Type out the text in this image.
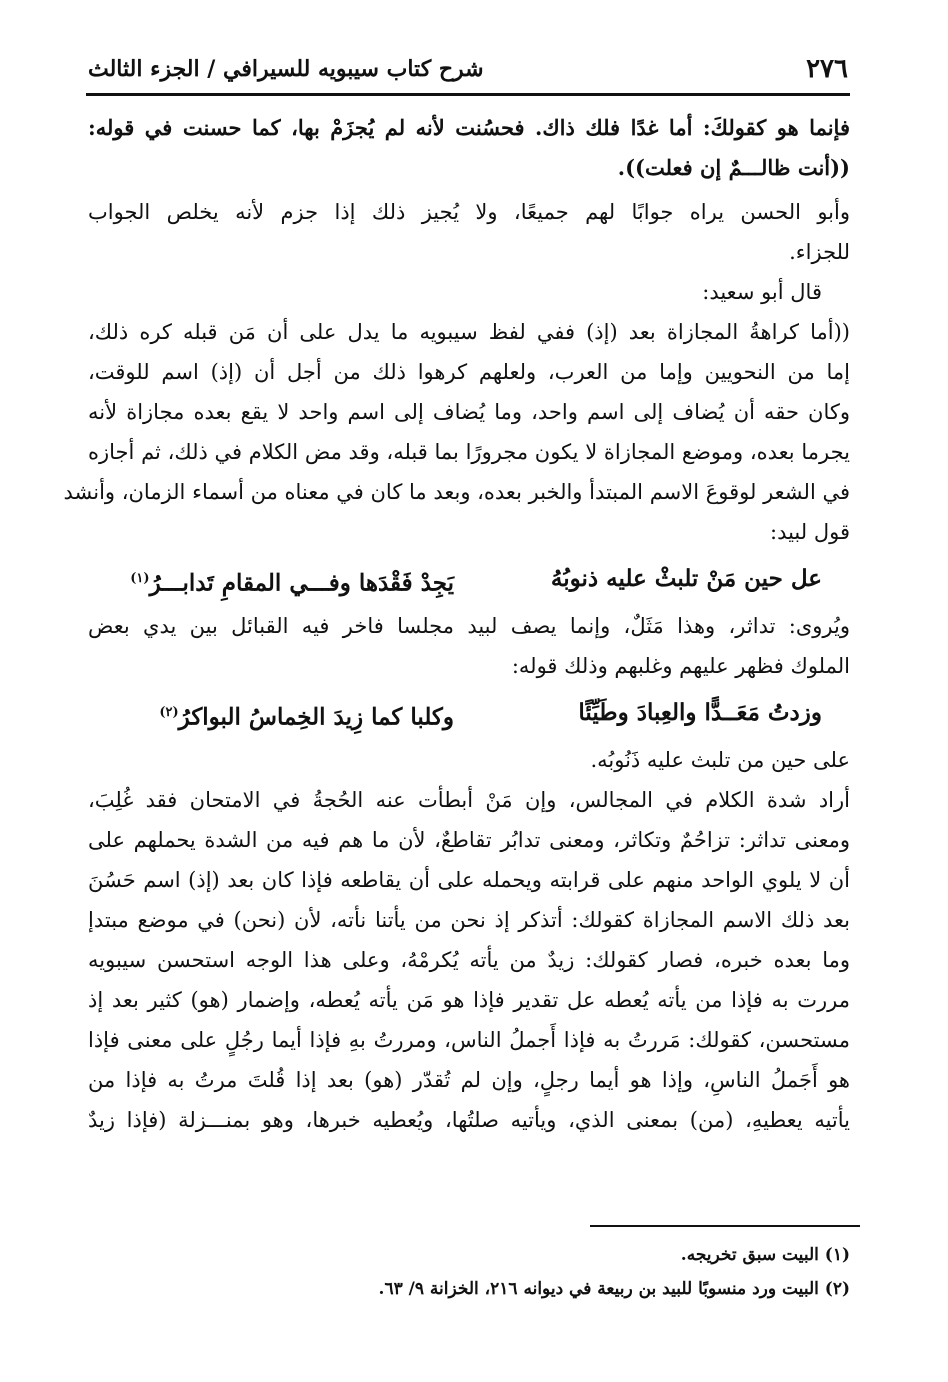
٢٧٦
شرح كتاب سيبويه للسيرافي / الجزء الثالث
فإنما هو كقولكَ: أما غدًا فلك ذاك. فحسُنت لأنه لم يُجزَمْ بها، كما حسنت في قوله:
((أنت ظالـــمٌ إن فعلت)).
وأبو الحسن يراه جوابًا لهم جميعًا، ولا يُجيز ذلك إذا جزم لأنه يخلص الجواب
للجزاء.
قال أبو سعيد:
((أما كراهةُ المجازاة بعد (إذ) ففي لفظ سيبويه ما يدل على أن مَن قبله كره ذلك،
إما من النحويين وإما من العرب، ولعلهم كرهوا ذلك من أجل أن (إذ) اسم للوقت،
وكان حقه أن يُضاف إلى اسم واحد، وما يُضاف إلى اسم واحد لا يقع بعده مجازاة لأنه
يجرما بعده، وموضع المجازاة لا يكون مجرورًا بما قبله، وقد مض الكلام في ذلك، ثم أجازه
في الشعر لوقوعَ الاسم المبتدأ والخبر بعده، وبعد ما كان في معناه من أسماء الزمان، وأنشد
قول لبيد:
عل حين مَنْ تلبثْ عليه ذنوبُهُ
يَجِدْ فَقْدَها وفـــي المقامِ تَدابـــرُ$^{(١)}$
ويُروى: تداثر، وهذا مَثَلٌ، وإنما يصف لبيد مجلسا فاخر فيه القبائل بين يدي بعض
الملوك فظهر عليهم وغلبهم وذلك قوله:
وزدتُ مَعَــدًّا والعِبادَ وطَيِّئًا
وكلبا كما زِيدَ الخِماسُ البواكرُ$^{(٢)}$
على حين من تلبث عليه ذَنُوبُه.
أراد شدة الكلام في المجالس، وإن مَنْ أبطأت عنه الحُجةُ في الامتحان فقد غُلِبَ،
ومعنى تداثر: تزاحُمٌ وتكاثر، ومعنى تدابُر تقاطعٌ، لأن ما هم فيه من الشدة يحملهم على
أن لا يلوي الواحد منهم على قرابته ويحمله على أن يقاطعه فإذا كان بعد (إذ) اسم حَسُنَ
بعد ذلك الاسم المجازاة كقولك: أتذكر إذ نحن من يأتنا نأته، لأن (نحن) في موضع مبتدإ
وما بعده خبره، فصار كقولك: زيدٌ من يأته يُكرمْهُ، وعلى هذا الوجه استحسن سيبويه
مررت به فإذا من يأته يُعطه عل تقدير فإذا هو مَن يأته يُعطه، وإضمار (هو) كثير بعد إذ
مستحسن، كقولك: مَررتُ به فإذا أَجملُ الناس، ومررتُ بهِ فإذا أيما رجُلٍ على معنى فإذا
هو أَجَملُ الناسِ، وإذا هو أيما رجلٍ، وإن لم تُقدّر (هو) بعد إذا قُلتَ مرتُ به فإذا من
يأتيه يعطيهِ، (من) بمعنى الذي، ويأتيه صلتُها، ويُعطيه خبرها، وهو بمنـــزلة (فإذا زيدٌ
(١) البيت سبق تخريجه.
(٢) البيت ورد منسوبًا للبيد بن ربيعة في ديوانه ٢١٦، الخزانة ٩/ ٦٣.
